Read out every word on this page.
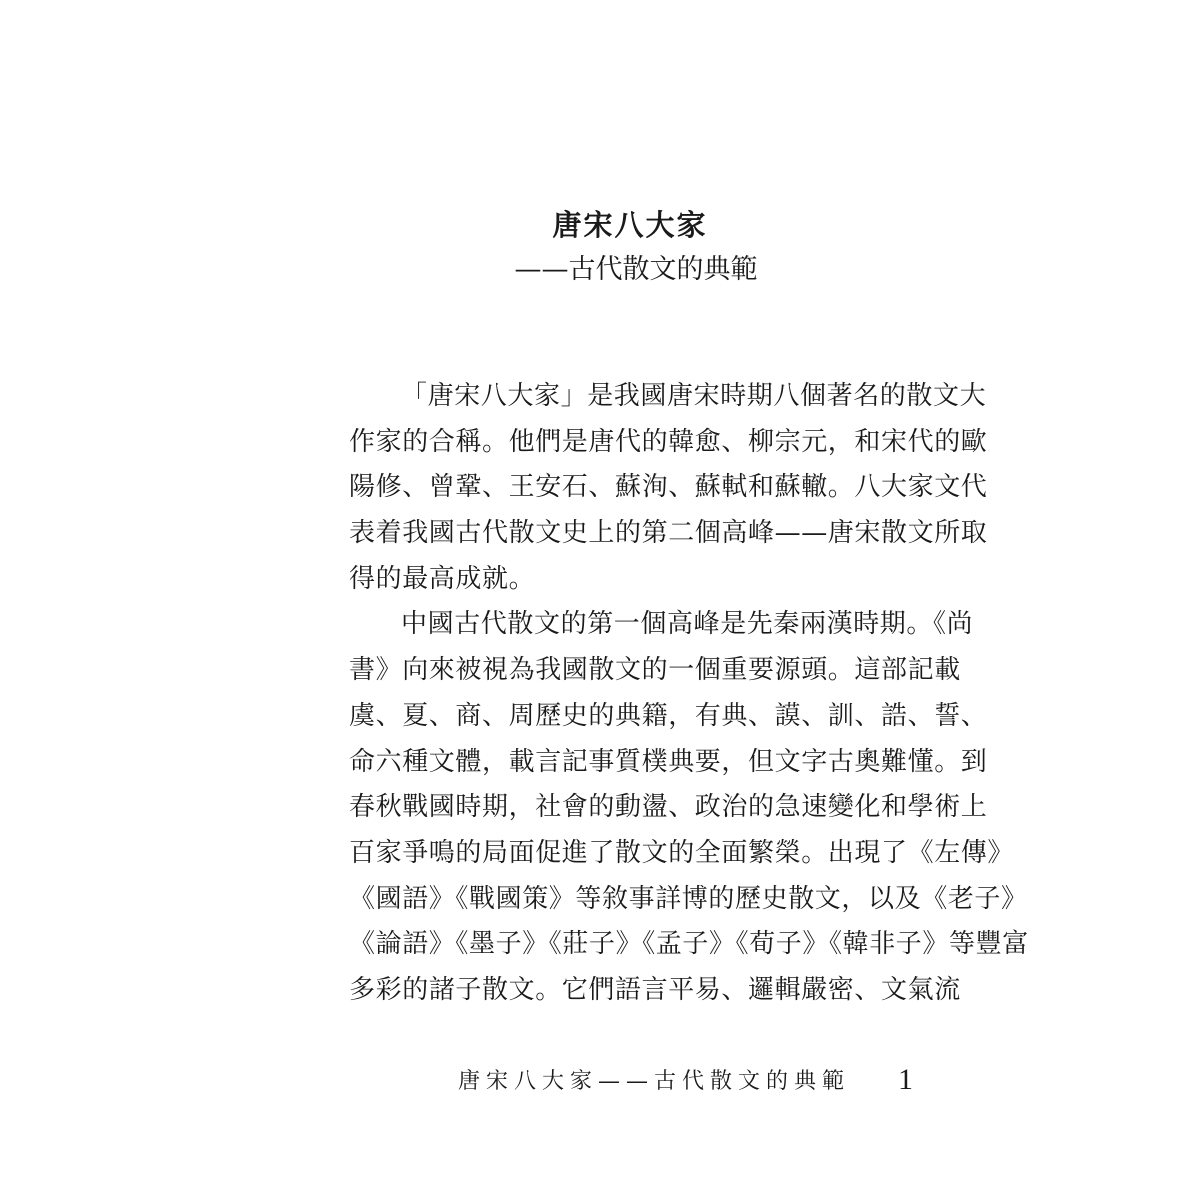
唐宋八大家
——古代散文的典範
「唐宋八大家」是我國唐宋時期八個著名的散文大
作家的合稱。他們是唐代的韓愈、柳宗元，和宋代的歐
陽修、曾鞏、王安石、蘇洵、蘇軾和蘇轍。八大家文代
表着我國古代散文史上的第二個高峰——唐宋散文所取
得的最高成就。
中國古代散文的第一個高峰是先秦兩漢時期。《尚
書》向來被視為我國散文的一個重要源頭。這部記載
虞、夏、商、周歷史的典籍，有典、謨、訓、誥、誓、
命六種文體，載言記事質樸典要，但文字古奧難懂。到
春秋戰國時期，社會的動盪、政治的急速變化和學術上
百家爭鳴的局面促進了散文的全面繁榮。出現了《左傳》
《國語》《戰國策》等敘事詳博的歷史散文，以及《老子》
《論語》《墨子》《莊子》《孟子》《荀子》《韓非子》等豐富
多彩的諸子散文。它們語言平易、邏輯嚴密、文氣流
唐宋八大家——古代散文的典範 1
